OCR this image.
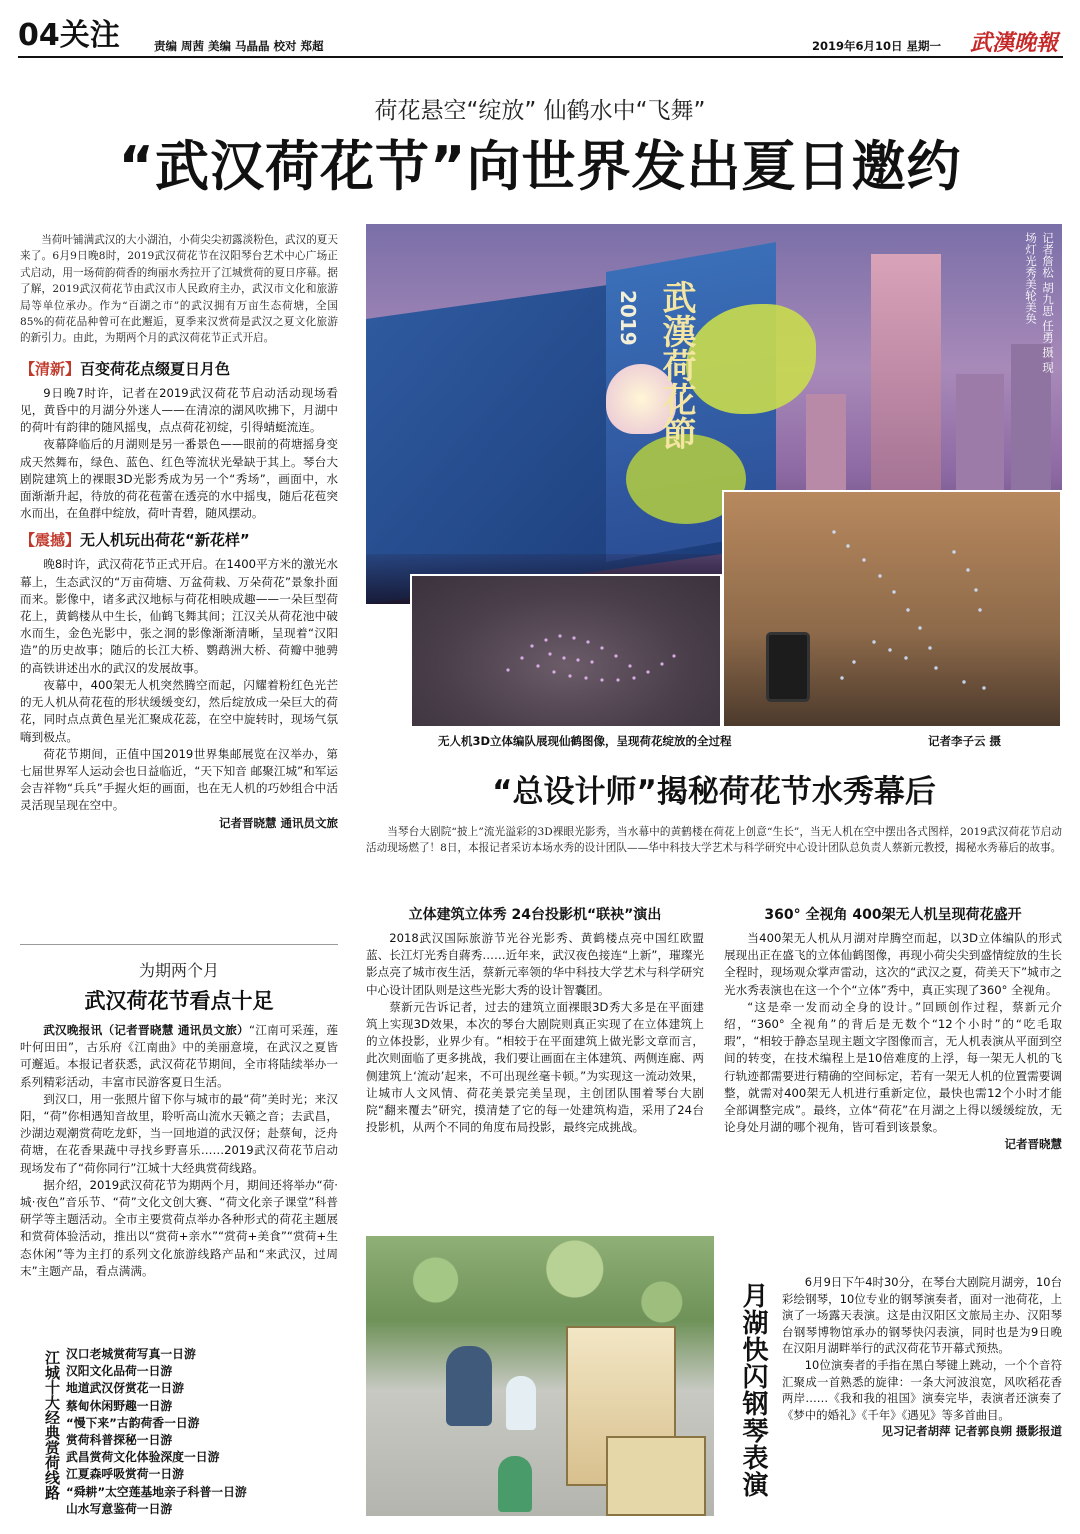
04关注	责编 周茜 美编 马晶晶 校对 郑超	2019年6月10日 星期一 武漢晚報
荷花悬空“绽放” 仙鹤水中“飞舞”
“武汉荷花节”向世界发出夏日邀约

当荷叶铺满武汉的大小湖泊，小荷尖尖初露淡粉色，武汉的夏天来了。6月9日晚8时，2019武汉荷花节在汉阳琴台艺术中心广场正式启动，用一场荷韵荷香的绚丽水秀拉开了江城赏荷的夏日序幕。据了解，2019武汉荷花节由武汉市人民政府主办，武汉市文化和旅游局等单位承办。作为“百湖之市”的武汉拥有万亩生态荷塘，全国85%的荷花品种曾可在此邂逅，夏季来汉赏荷是武汉之夏文化旅游的新引力。由此，为期两个月的武汉荷花节正式开启。

【清新】百变荷花点缀夏日月色

9日晚7时许，记者在2019武汉荷花节启动活动现场看见，黄昏中的月湖分外迷人——在清凉的湖风吹拂下，月湖中的荷叶有韵律的随风摇曳，点点荷花初绽，引得蜻蜓流连。

夜幕降临后的月湖则是另一番景色——眼前的荷塘摇身变成天然舞布，绿色、蓝色、红色等流状光晕缺于其上。琴台大剧院建筑上的裸眼3D光影秀成为另一个“秀场”，画面中，水面渐渐升起，待放的荷花苞蕾在透亮的水中摇曳，随后花苞突水而出，在鱼群中绽放，荷叶青碧，随风摆动。

【震撼】无人机玩出荷花“新花样”

晚8时许，武汉荷花节正式开启。在1400平方米的激光水幕上，生态武汉的“万亩荷塘、万盆荷栽、万朵荷花”景象扑面而来。影像中，诸多武汉地标与荷花相映成趣——一朵巨型荷花上，黄鹤楼从中生长，仙鹤飞舞其间；江汉关从荷花池中破水而生，金色光影中，张之洞的影像渐渐清晰，呈现着“汉阳造”的历史故事；随后的长江大桥、鹦鹉洲大桥、荷瓣中驰骋的高铁讲述出水的武汉的发展故事。

夜幕中，400架无人机突然腾空而起，闪耀着粉红色光芒的无人机从荷花苞的形状缓缓变幻，然后绽放成一朵巨大的荷花，同时点点黄色星光汇聚成花蕊，在空中旋转时，现场气氛嗨到极点。

荷花节期间，正值中国2019世界集邮展览在汉举办，第七届世界军人运动会也日益临近，“天下知音 邮聚江城”和军运会吉祥物“兵兵”手握火炬的画面，也在无人机的巧妙组合中活灵活现呈现在空中。

记者晋晓慧 通讯员文旅
为期两个月
武汉荷花节看点十足

武汉晚报讯（记者晋晓慧 通讯员文旅）“江南可采莲，莲叶何田田”，古乐府《江南曲》中的美丽意境，在武汉之夏皆可邂逅。本报记者获悉，武汉荷花节期间，全市将陆续举办一系列精彩活动，丰富市民游客夏日生活。

到汉口，用一张照片留下你与城市的最“荷”美时光；来汉阳，“荷”你相遇知音故里，聆听高山流水天籁之音；去武昌，沙湖边观潮赏荷吃龙虾，当一回地道的武汉伢；赴蔡甸，泛舟荷塘，在花香果蔬中寻找乡野喜乐……2019武汉荷花节启动现场发布了“荷你同行”江城十大经典赏荷线路。

据介绍，2019武汉荷花节为期两个月，期间还将举办“荷·城·夜色”音乐节、“荷”文化文创大赛、“荷文化亲子课堂”科普研学等主题活动。全市主要赏荷点举办各种形式的荷花主题展和赏荷体验活动，推出以“赏荷+亲水”“赏荷+美食”“赏荷+生态休闲”等为主打的系列文化旅游线路产品和“来武汉，过周末”主题产品，看点满满。

江城十大经典赏荷线路 汉口老城赏荷写真一日游
汉阳文化品荷一日游
地道武汉伢赏花一日游
蔡甸休闲野趣一日游
“慢下来”古韵荷香一日游
赏荷科普探秘一日游
武昌赏荷文化体验深度一日游
江夏森呼吸赏荷一日游
“舜耕”太空莲基地亲子科普一日游
山水写意鉴荷一日游
武漢荷花節
2019	记者詹松 胡九思 任勇 摄 现场灯光秀美轮美奂
无人机3D立体编队展现仙鹤图像，呈现荷花绽放的全过程	记者李子云 摄
“总设计师”揭秘荷花节水秀幕后

当琴台大剧院“披上”流光溢彩的3D裸眼光影秀，当水幕中的黄鹤楼在荷花上创意“生长”，当无人机在空中摆出各式图样，2019武汉荷花节启动活动现场燃了！8日，本报记者采访本场水秀的设计团队——华中科技大学艺术与科学研究中心设计团队总负责人蔡新元教授，揭秘水秀幕后的故事。

立体建筑立体秀 24台投影机“联袂”演出

2018武汉国际旅游节光谷光影秀、黄鹤楼点亮中国红欧盟蓝、长江灯光秀自蔣秀……近年来，武汉夜色接连“上新”，璀璨光影点亮了城市夜生活，蔡新元率领的华中科技大学艺术与科学研究中心设计团队则是这些光影大秀的设计智囊团。

蔡新元告诉记者，过去的建筑立面裸眼3D秀大多是在平面建筑上实现3D效果，本次的琴台大剧院则真正实现了在立体建筑上的立体投影，业界少有。“相较于在平面建筑上做光影文章而言，此次则面临了更多挑战，我们要让画面在主体建筑、两侧连廊、两侧建筑上‘流动’起来，不可出现丝毫卡顿。”为实现这一流动效果，让城市人文风情、荷花美景完美呈现，主创团队围着琴台大剧院“翻来覆去”研究，摸清楚了它的每一处建筑构造，采用了24台投影机，从两个不同的角度布局投影，最终完成挑战。

360° 全视角 400架无人机呈现荷花盛开

当400架无人机从月湖对岸腾空而起，以3D立体编队的形式展现出正在盛飞的立体仙鹤图像，再现小荷尖尖到盛情绽放的生长全程时，现场观众掌声雷动，这次的“武汉之夏，荷美天下”城市之光水秀表演也在这一个个“立体”秀中，真正实现了360° 全视角。

“这是牵一发而动全身的设计。”回顾创作过程，蔡新元介绍，“360° 全视角”的背后是无数个“12个小时”的“吃毛取瑕”，“相较于静态呈现主题文字图像而言，无人机表演从平面到空间的转变，在技术编程上是10倍难度的上浮，每一架无人机的飞行轨迹都需要进行精确的空间标定，若有一架无人机的位置需要调整，就需对400架无人机进行重新定位，最快也需12个小时才能全部调整完成”。最终，立体“荷花”在月湖之上得以缓缓绽放，无论身处月湖的哪个视角，皆可看到该景象。

记者晋晓慧
月湖快闪钢琴表演	6月9日下午4时30分，在琴台大剧院月湖旁，10台彩绘钢琴，10位专业的钢琴演奏者，面对一池荷花，上演了一场露天表演。这是由汉阳区文旅局主办、汉阳琴台钢琴博物馆承办的钢琴快闪表演，同时也是为9日晚在汉阳月湖畔举行的武汉荷花节开幕式预热。

10位演奏者的手指在黑白琴键上跳动，一个个音符汇聚成一首熟悉的旋律：一条大河波浪宽，风吹稻花香两岸……《我和我的祖国》演奏完毕，表演者还演奏了《梦中的婚礼》《千年》《遇见》等多首曲目。

见习记者胡萍 记者郭良朔 摄影报道
